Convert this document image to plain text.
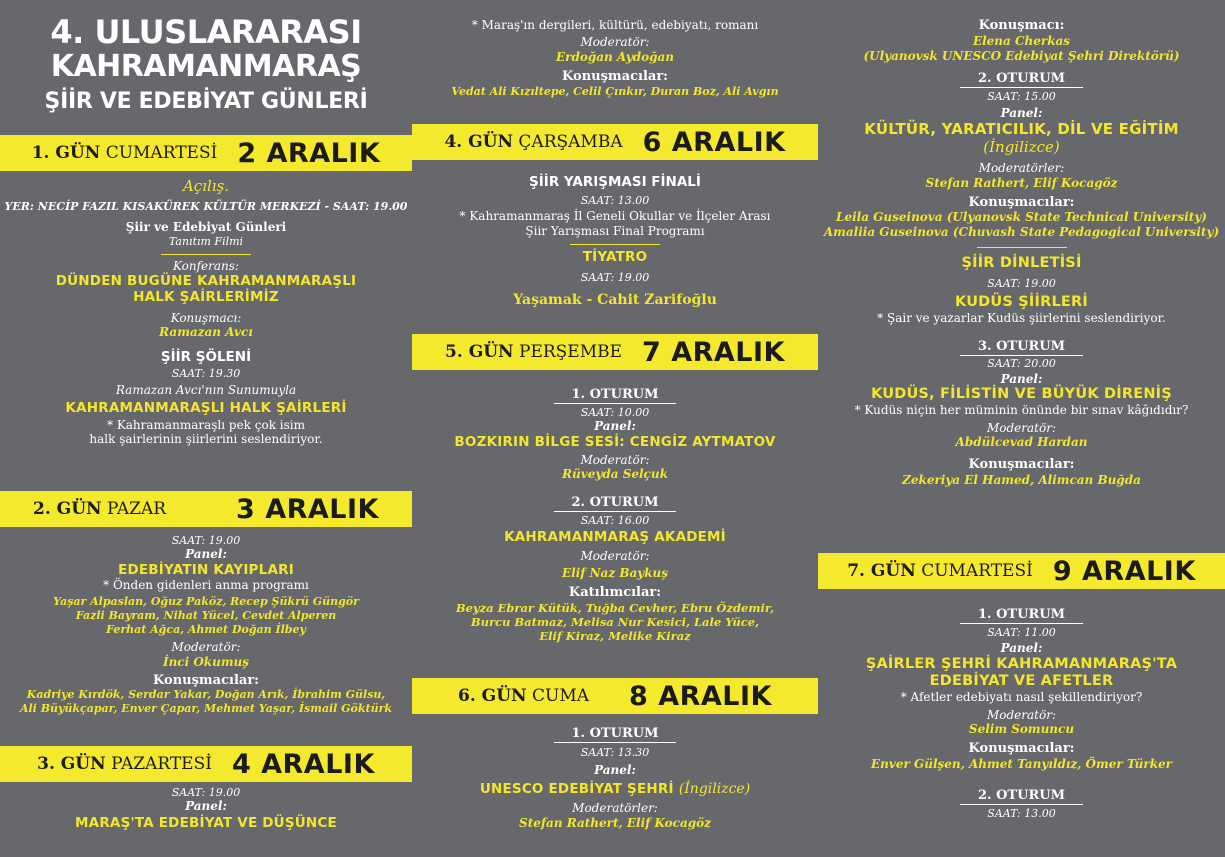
4. ULUSLARARASI
KAHRAMANMARAŞ
ŞİİR VE EDEBİYAT GÜNLERİ
1. GÜN CUMARTESİ 2 ARALIK
Açılış.
YER: NECİP FAZIL KISAKÜREK KÜLTÜR MERKEZİ - SAAT: 19.00
Şiir ve Edebiyat Günleri
Tanıtım Filmi
Konferans:
DÜNDEN BUGÜNE KAHRAMANMARAŞLI
HALK ŞAİRLERİMİZ
Konuşmacı:
Ramazan Avcı
ŞİİR ŞÖLENİ
SAAT: 19.30
Ramazan Avcı'nın Sunumuyla
KAHRAMANMARAŞLI HALK ŞAİRLERİ
* Kahramanmaraşlı pek çok isim
halk şairlerinin şiirlerini seslendiriyor.
2. GÜN PAZAR	3 ARALIK
SAAT: 19.00
Panel:
EDEBİYATIN KAYIPLARI
* Önden gidenleri anma programı
Yaşar Alpaslan, Oğuz Paköz, Recep Şükrü Güngör
Fazli Bayram, Nihat Yücel, Cevdet Alperen
Ferhat Ağca, Ahmet Doğan İlbey
Moderatör:
İnci Okumuş
Konuşmacılar:
Kadriye Kırdök, Serdar Yakar, Doğan Arık, İbrahim Gülsu,
Ali Büyükçapar, Enver Çapar, Mehmet Yaşar, İsmail Göktürk
3. GÜN PAZARTESİ 4 ARALIK
SAAT: 19.00
Panel:
MARAŞ'TA EDEBİYAT VE DÜŞÜNCE
* Maraş'ın dergileri, kültürü, edebiyatı, romanı
Moderatör:
Erdoğan Aydoğan
Konuşmacılar:
Vedat Ali Kızıltepe, Celil Çınkır, Duran Boz, Ali Avgın
4. GÜN ÇARŞAMBA 6 ARALIK
ŞİİR YARIŞMASI FİNALİ
SAAT: 13.00
* Kahramanmaraş İl Geneli Okullar ve İlçeler Arası
Şiir Yarışması Final Programı
TİYATRO
SAAT: 19.00
Yaşamak - Cahit Zarifoğlu
5. GÜN PERŞEMBE 7 ARALIK
1. OTURUM
SAAT: 10.00
Panel:
BOZKIRIN BİLGE SESİ: CENGİZ AYTMATOV
Moderatör:
Rüveyda Selçuk
2. OTURUM
SAAT: 16.00
KAHRAMANMARAŞ AKADEMİ
Moderatör:
Elif Naz Baykuş
Katılımcılar:
Beyza Ebrar Kütük, Tuğba Cevher, Ebru Özdemir,
Burcu Batmaz, Melisa Nur Kesici, Lale Yüce,
Elif Kiraz, Melike Kiraz
6. GÜN CUMA 8 ARALIK
1. OTURUM
SAAT: 13.30
Panel:
UNESCO EDEBİYAT ŞEHRİ (İngilizce)
Moderatörler:
Stefan Rathert, Elif Kocagöz
Konuşmacı:
Elena Cherkas
(Ulyanovsk UNESCO Edebiyat Şehri Direktörü)
2. OTURUM
SAAT: 15.00
Panel:
KÜLTÜR, YARATICILIK, DİL VE EĞİTİM
(İngilizce)
Moderatörler:
Stefan Rathert, Elif Kocagöz
Konuşmacılar:
Leila Guseinova (Ulyanovsk State Technical University)
Amaliia Guseinova (Chuvash State Pedagogical University)
ŞİİR DİNLETİSİ
SAAT: 19.00
KUDÜS ŞİİRLERİ
* Şair ve yazarlar Kudüs şiirlerini seslendiriyor.
3. OTURUM
SAAT: 20.00
Panel:
KUDÜS, FİLİSTİN VE BÜYÜK DİRENİŞ
* Kudüs niçin her müminin önünde bir sınav kâğıdıdır?
Moderatör:
Abdülcevad Hardan
Konuşmacılar:
Zekeriya El Hamed, Alimcan Buğda
7. GÜN CUMARTESİ 9 ARALIK
1. OTURUM
SAAT: 11.00
Panel:
ŞAİRLER ŞEHRİ KAHRAMANMARAŞ'TA
EDEBİYAT VE AFETLER
* Afetler edebiyatı nasıl şekillendiriyor?
Moderatör:
Selim Somuncu
Konuşmacılar:
Enver Gülşen, Ahmet Tanyıldız, Ömer Türker
2. OTURUM
SAAT: 13.00
